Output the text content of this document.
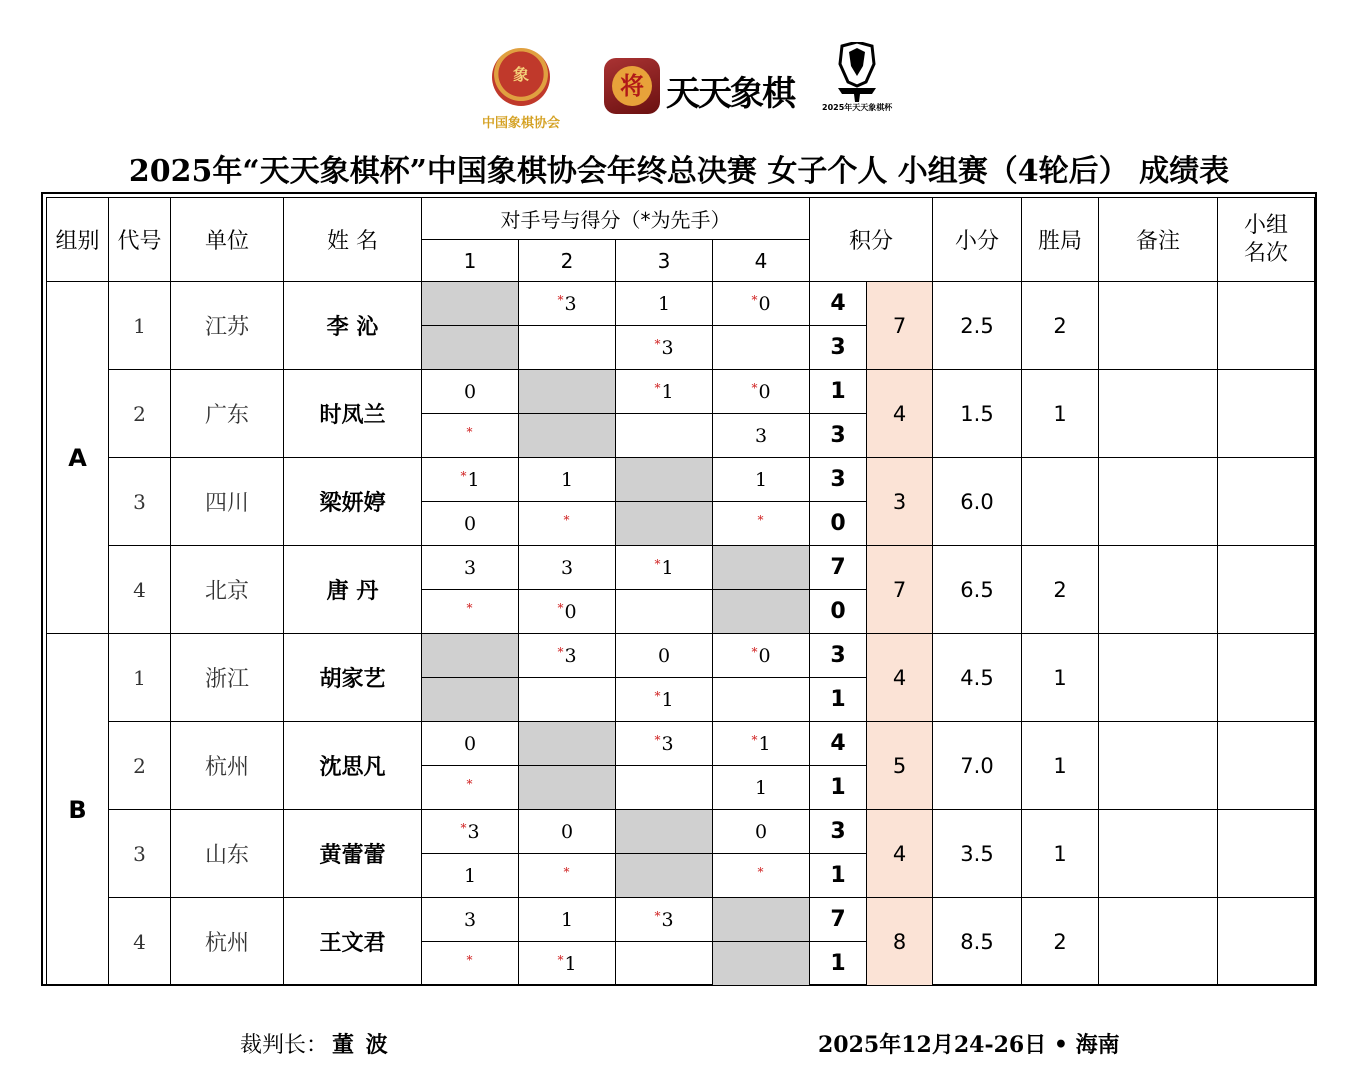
象
中国象棋协会
将 天天象棋	2025年天天象棋杯
2025年“天天象棋杯”中国象棋协会年终总决赛 女子个人 小组赛（4轮后） 成绩表
组别	代号	单位	姓 名	对手号与得分（*为先手）				积分		小分	胜局	备注	小组
名次
				1	2	3	4						
A	1	江苏	李 沁		*3	1	*0	4	7	2.5	2		
						*3		3					
	2	广东	时凤兰	0		*1	*0	1	4	1.5	1		
				*			3	3					
	3	四川	梁妍婷	*1	1		1	3	3	6.0			
				0	*		*	0					
	4	北京	唐 丹	3	3	*1		7	7	6.5	2		
				*	*0			0					
B	1	浙江	胡家艺		*3	0	*0	3	4	4.5	1		
						*1		1					
	2	杭州	沈思凡	0		*3	*1	4	5	7.0	1		
				*			1	1					
	3	山东	黄蕾蕾	*3	0		0	3	4	3.5	1		
				1	*		*	1					
	4	杭州	王文君	3	1	*3		7	8	8.5	2		
				*	*1			1					
裁判长： 董 波	2025年12月24-26日 • 海南
